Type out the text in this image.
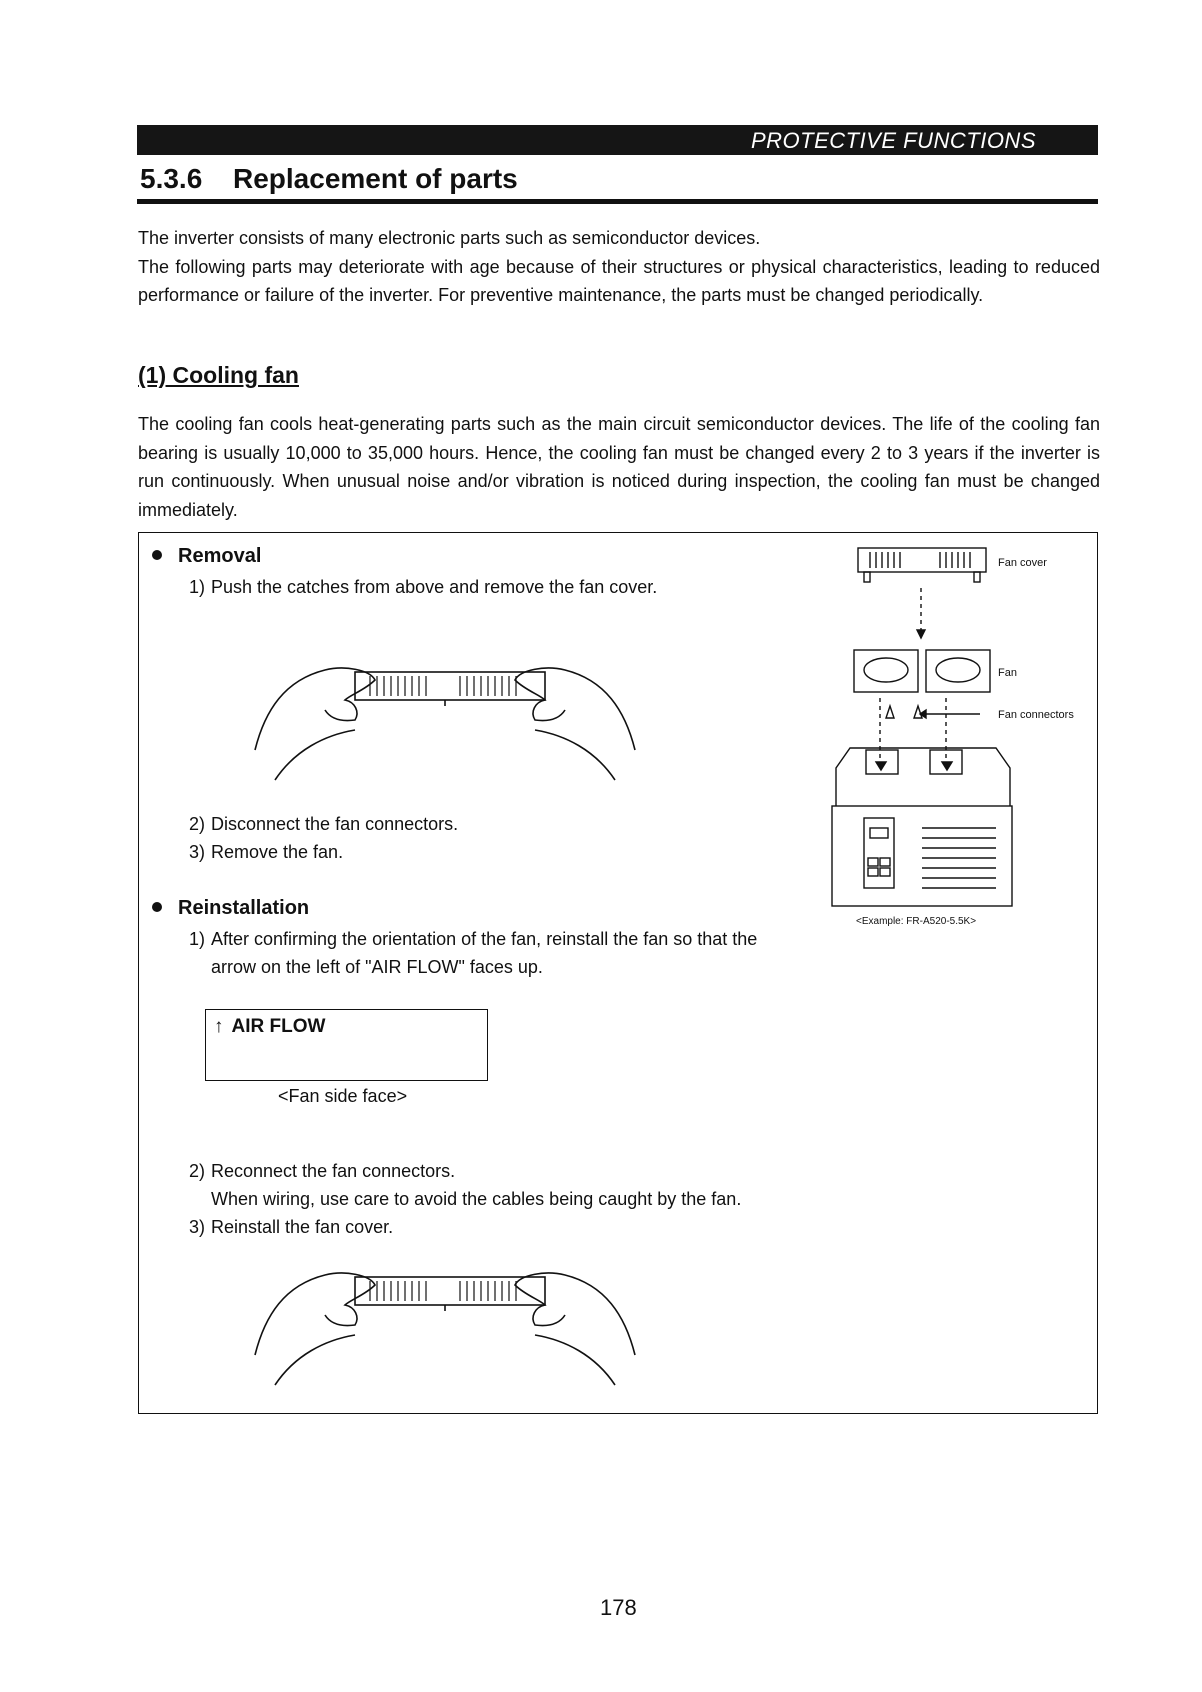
PROTECTIVE FUNCTIONS
5.3.6 Replacement of parts

The inverter consists of many electronic parts such as semiconductor devices.

The following parts may deteriorate with age because of their structures or physical characteristics, leading to reduced performance or failure of the inverter. For preventive maintenance, the parts must be changed periodically.

(1) Cooling fan

The cooling fan cools heat-generating parts such as the main circuit semiconductor devices. The life of the cooling fan bearing is usually 10,000 to 35,000 hours. Hence, the cooling fan must be changed every 2 to 3 years if the inverter is run continuously. When unusual noise and/or vibration is noticed during inspection, the cooling fan must be changed immediately.

Removal
1) Push the catches from above and remove the fan cover.
2) Disconnect the fan connectors.
3) Remove the fan.
Fan cover
Fan
Fan connectors
<Example: FR-A520-5.5K>
Reinstallation
1) After confirming the orientation of the fan, reinstall the fan so that the
arrow on the left of "AIR FLOW" faces up.
↑ AIR FLOW
<Fan side face>
2) Reconnect the fan connectors.
When wiring, use care to avoid the cables being caught by the fan.
3) Reinstall the fan cover.
178
